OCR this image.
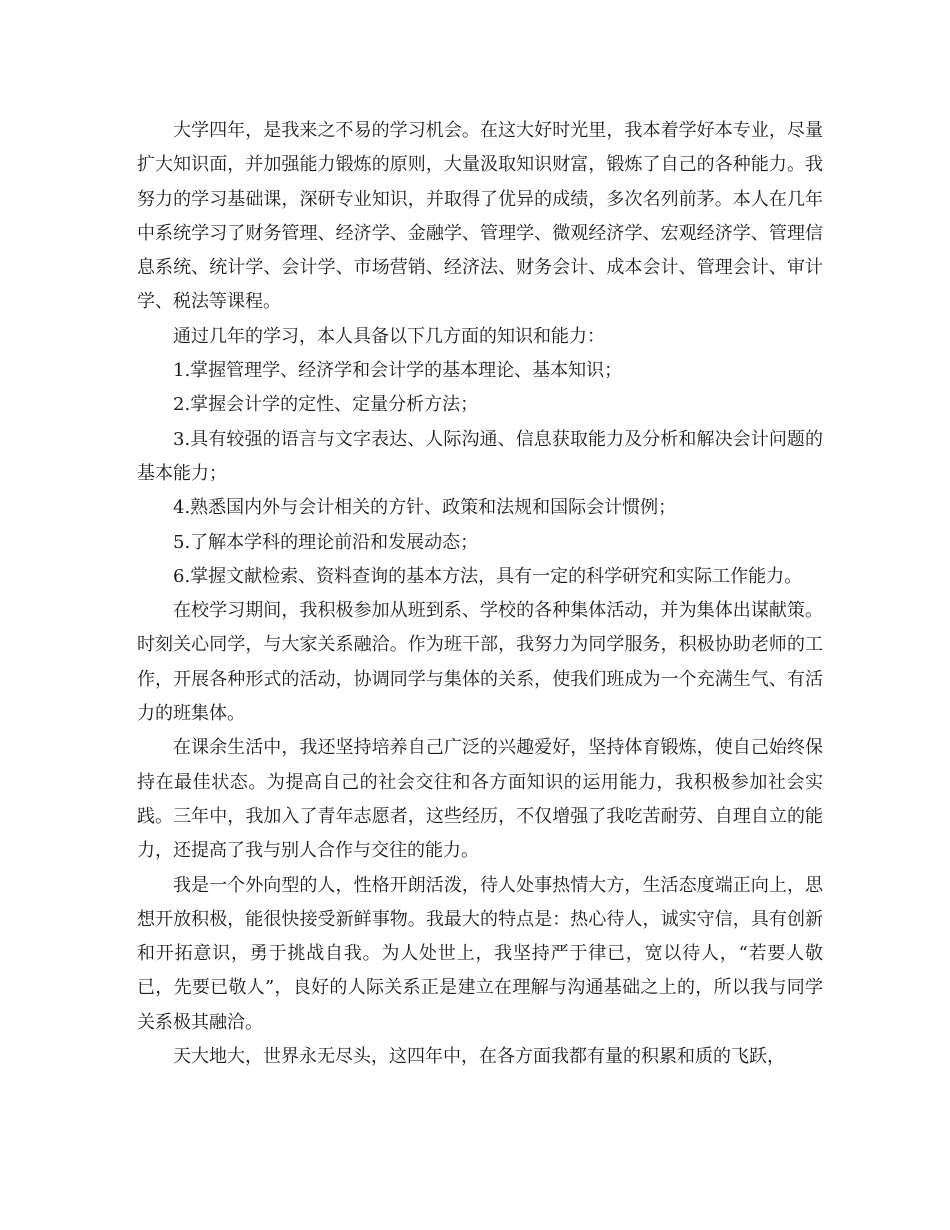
大学四年，是我来之不易的学习机会。在这大好时光里，我本着学好本专业，尽量扩大知识面，并加强能力锻炼的原则，大量汲取知识财富，锻炼了自己的各种能力。我努力的学习基础课，深研专业知识，并取得了优异的成绩，多次名列前茅。本人在几年中系统学习了财务管理、经济学、金融学、管理学、微观经济学、宏观经济学、管理信息系统、统计学、会计学、市场营销、经济法、财务会计、成本会计、管理会计、审计学、税法等课程。

通过几年的学习，本人具备以下几方面的知识和能力：

1.掌握管理学、经济学和会计学的基本理论、基本知识；

2.掌握会计学的定性、定量分析方法；

3.具有较强的语言与文字表达、人际沟通、信息获取能力及分析和解决会计问题的基本能力；

4.熟悉国内外与会计相关的方针、政策和法规和国际会计惯例；

5.了解本学科的理论前沿和发展动态；

6.掌握文献检索、资料查询的基本方法，具有一定的科学研究和实际工作能力。

在校学习期间，我积极参加从班到系、学校的各种集体活动，并为集体出谋献策。时刻关心同学，与大家关系融洽。作为班干部，我努力为同学服务，积极协助老师的工作，开展各种形式的活动，协调同学与集体的关系，使我们班成为一个充满生气、有活力的班集体。

在课余生活中，我还坚持培养自己广泛的兴趣爱好，坚持体育锻炼，使自己始终保持在最佳状态。为提高自己的社会交往和各方面知识的运用能力，我积极参加社会实践。三年中，我加入了青年志愿者，这些经历，不仅增强了我吃苦耐劳、自理自立的能力，还提高了我与别人合作与交往的能力。

我是一个外向型的人，性格开朗活泼，待人处事热情大方，生活态度端正向上，思想开放积极，能很快接受新鲜事物。我最大的特点是：热心待人，诚实守信，具有创新和开拓意识，勇于挑战自我。为人处世上，我坚持严于律已，宽以待人，“若要人敬已，先要已敬人”，良好的人际关系正是建立在理解与沟通基础之上的，所以我与同学关系极其融洽。

天大地大，世界永无尽头，这四年中，在各方面我都有量的积累和质的飞跃，
